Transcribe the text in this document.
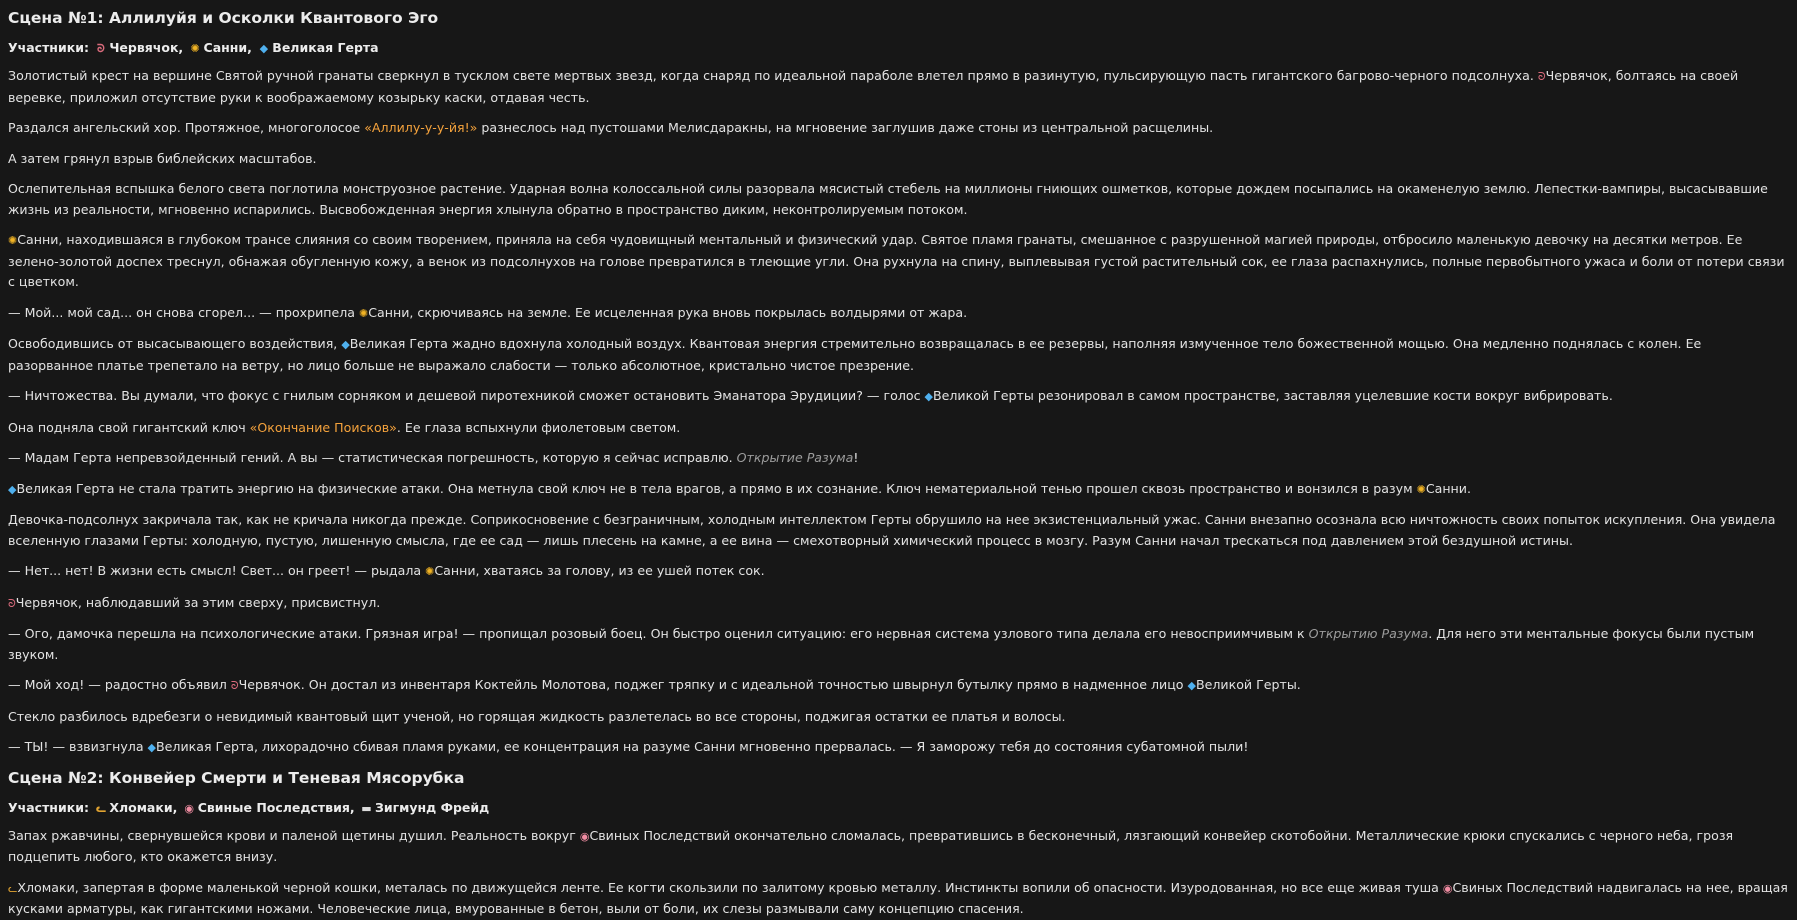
Сцена №1: Аллилуйя и Осколки Квантового Эго
Участники: ᘐ Червячок, ✺ Санни, ◆ Великая Герта

Золотистый крест на вершине Святой ручной гранаты сверкнул в тусклом свете мертвых звезд, когда снаряд по идеальной параболе влетел прямо в разинутую, пульсирующую пасть гигантского багрово-черного подсолнуха. ᘐЧервячок, болтаясь на своей веревке, приложил отсутствие руки к воображаемому козырьку каски, отдавая честь.

Раздался ангельский хор. Протяжное, многоголосое «Аллилу-у-у-йя!» разнеслось над пустошами Мелисдаракны, на мгновение заглушив даже стоны из центральной расщелины.

А затем грянул взрыв библейских масштабов.

Ослепительная вспышка белого света поглотила монструозное растение. Ударная волна колоссальной силы разорвала мясистый стебель на миллионы гниющих ошметков, которые дождем посыпались на окаменелую землю. Лепестки-вампиры, высасывавшие жизнь из реальности, мгновенно испарились. Высвобожденная энергия хлынула обратно в пространство диким, неконтролируемым потоком.

✺Санни, находившаяся в глубоком трансе слияния со своим творением, приняла на себя чудовищный ментальный и физический удар. Святое пламя гранаты, смешанное с разрушенной магией природы, отбросило маленькую девочку на десятки метров. Ее зелено-золотой доспех треснул, обнажая обугленную кожу, а венок из подсолнухов на голове превратился в тлеющие угли. Она рухнула на спину, выплевывая густой растительный сок, ее глаза распахнулись, полные первобытного ужаса и боли от потери связи с цветком.

— Мой... мой сад... он снова сгорел... — прохрипела ✺Санни, скрючиваясь на земле. Ее исцеленная рука вновь покрылась волдырями от жара.

Освободившись от высасывающего воздействия, ◆Великая Герта жадно вдохнула холодный воздух. Квантовая энергия стремительно возвращалась в ее резервы, наполняя измученное тело божественной мощью. Она медленно поднялась с колен. Ее разорванное платье трепетало на ветру, но лицо больше не выражало слабости — только абсолютное, кристально чистое презрение.

— Ничтожества. Вы думали, что фокус с гнилым сорняком и дешевой пиротехникой сможет остановить Эманатора Эрудиции? — голос ◆Великой Герты резонировал в самом пространстве, заставляя уцелевшие кости вокруг вибрировать.

Она подняла свой гигантский ключ «Окончание Поисков». Ее глаза вспыхнули фиолетовым светом.

— Мадам Герта непревзойденный гений. А вы — статистическая погрешность, которую я сейчас исправлю. Открытие Разума!

◆Великая Герта не стала тратить энергию на физические атаки. Она метнула свой ключ не в тела врагов, а прямо в их сознание. Ключ нематериальной тенью прошел сквозь пространство и вонзился в разум ✺Санни.

Девочка-подсолнух закричала так, как не кричала никогда прежде. Соприкосновение с безграничным, холодным интеллектом Герты обрушило на нее экзистенциальный ужас. Санни внезапно осознала всю ничтожность своих попыток искупления. Она увидела вселенную глазами Герты: холодную, пустую, лишенную смысла, где ее сад — лишь плесень на камне, а ее вина — смехотворный химический процесс в мозгу. Разум Санни начал трескаться под давлением этой бездушной истины.

— Нет... нет! В жизни есть смысл! Свет... он греет! — рыдала ✺Санни, хватаясь за голову, из ее ушей потек сок.

ᘐЧервячок, наблюдавший за этим сверху, присвистнул.

— Ого, дамочка перешла на психологические атаки. Грязная игра! — пропищал розовый боец. Он быстро оценил ситуацию: его нервная система узлового типа делала его невосприимчивым к Открытию Разума. Для него эти ментальные фокусы были пустым звуком.

— Мой ход! — радостно объявил ᘐЧервячок. Он достал из инвентаря Коктейль Молотова, поджег тряпку и с идеальной точностью швырнул бутылку прямо в надменное лицо ◆Великой Герты.

Стекло разбилось вдребезги о невидимый квантовый щит ученой, но горящая жидкость разлетелась во все стороны, поджигая остатки ее платья и волосы.

— ТЫ! — взвизгнула ◆Великая Герта, лихорадочно сбивая пламя руками, ее концентрация на разуме Санни мгновенно прервалась. — Я заморожу тебя до состояния субатомной пыли!

Сцена №2: Конвейер Смерти и Теневая Мясорубка
Участники: ᓚ Хломаки, ◉ Свиные Последствия, ▬ Зигмунд Фрейд

Запах ржавчины, свернувшейся крови и паленой щетины душил. Реальность вокруг ◉Свиных Последствий окончательно сломалась, превратившись в бесконечный, лязгающий конвейер скотобойни. Металлические крюки спускались с черного неба, грозя подцепить любого, кто окажется внизу.

ᓚХломаки, запертая в форме маленькой черной кошки, металась по движущейся ленте. Ее когти скользили по залитому кровью металлу. Инстинкты вопили об опасности. Изуродованная, но все еще живая туша ◉Свиных Последствий надвигалась на нее, вращая кусками арматуры, как гигантскими ножами. Человеческие лица, вмурованные в бетон, выли от боли, их слезы размывали саму концепцию спасения.
